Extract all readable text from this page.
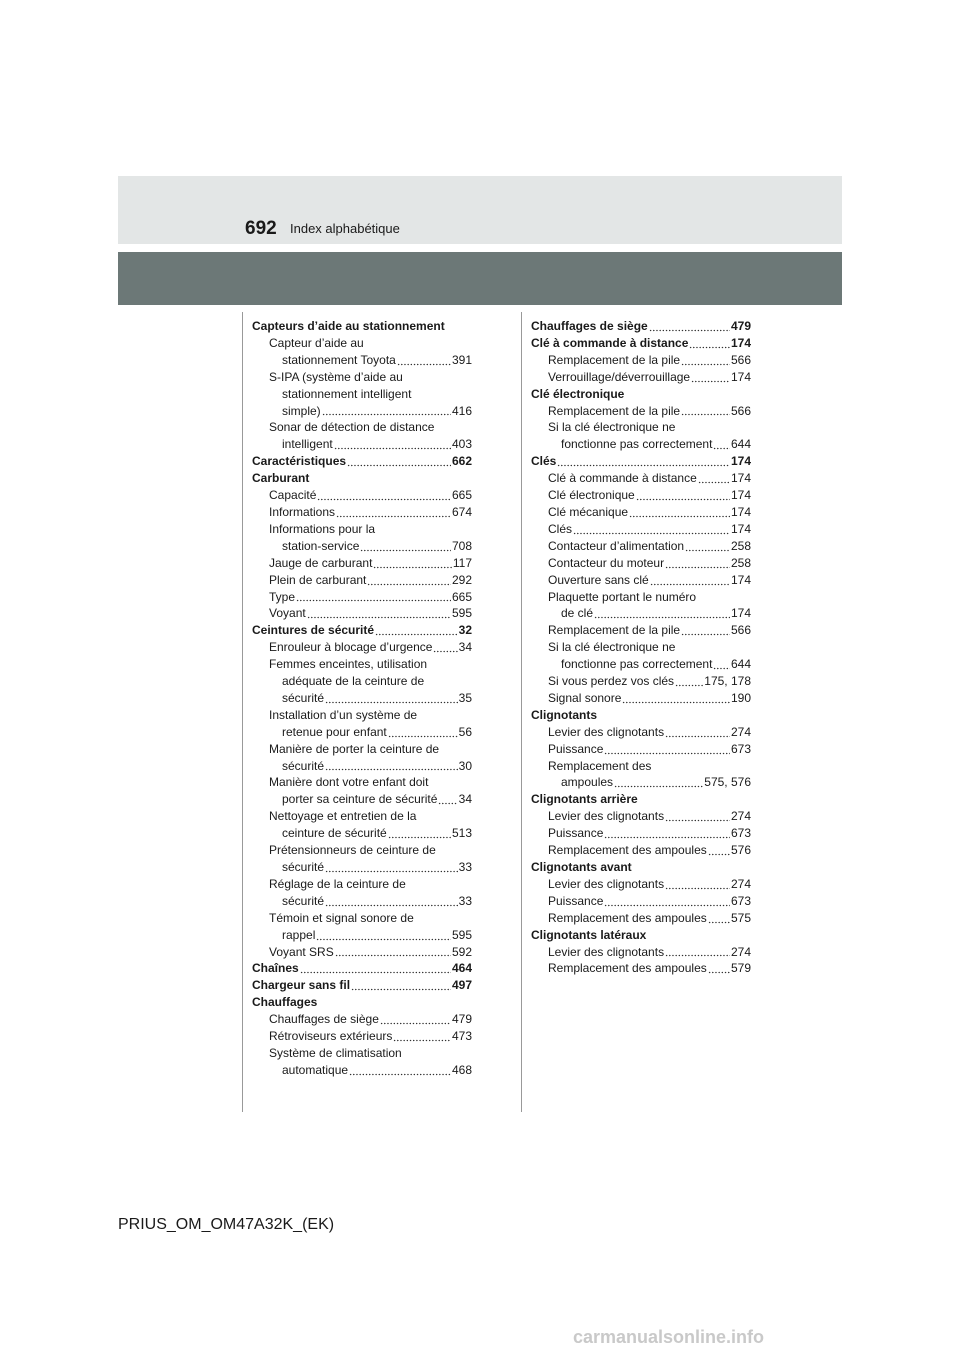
692 Index alphabétique
Capteurs d’aide au stationnement
Capteur d’aide au
stationnement Toyota	391
S-IPA (système d’aide au
stationnement intelligent
simple)	416
Sonar de détection de distance
intelligent	403
Caractéristiques	662
Carburant
Capacité	665
Informations	674
Informations pour la
station-service	708
Jauge de carburant	117
Plein de carburant	292
Type	665
Voyant	595
Ceintures de sécurité	32
Enrouleur à blocage d’urgence 34
Femmes enceintes, utilisation
adéquate de la ceinture de
sécurité	35
Installation d’un système de
retenue pour enfant	56
Manière de porter la ceinture de
sécurité	30
Manière dont votre enfant doit
porter sa ceinture de sécurité 34
Nettoyage et entretien de la
ceinture de sécurité	513
Prétensionneurs de ceinture de
sécurité	33
Réglage de la ceinture de
sécurité	33
Témoin et signal sonore de
rappel	595
Voyant SRS	592
Chaînes	464
Chargeur sans fil	497
Chauffages
Chauffages de siège	479
Rétroviseurs extérieurs	473
Système de climatisation
automatique	468
Chauffages de siège	479
Clé à commande à distance	174
Remplacement de la pile	566
Verrouillage/déverrouillage	174
Clé électronique
Remplacement de la pile	566
Si la clé électronique ne
fonctionne pas correctement 644
Clés	174
Clé à commande à distance	174
Clé électronique	174
Clé mécanique	174
Clés	174
Contacteur d’alimentation	258
Contacteur du moteur	258
Ouverture sans clé	174
Plaquette portant le numéro
de clé	174
Remplacement de la pile	566
Si la clé électronique ne
fonctionne pas correctement 644
Si vous perdez vos clés	175, 178
Signal sonore	190
Clignotants
Levier des clignotants	274
Puissance	673
Remplacement des
ampoules	575, 576
Clignotants arrière
Levier des clignotants	274
Puissance	673
Remplacement des ampoules 576
Clignotants avant
Levier des clignotants	274
Puissance	673
Remplacement des ampoules 575
Clignotants latéraux
Levier des clignotants	274
Remplacement des ampoules 579
PRIUS_OM_OM47A32K_(EK)
carmanualsonline.info
